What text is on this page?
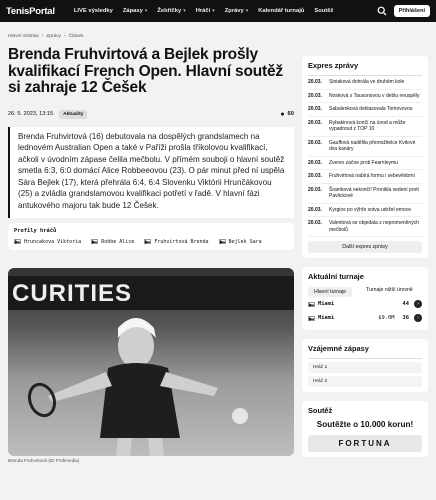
TenisPortal	LIVE výsledky Zápasy ▾ Žebříčky ▾ Hráči ▾ Zprávy ▾ Kalendář turnajů Soutěž	Přihlášení
Hlavní stránka › Zprávy › Článek
Brenda Fruhvirtová a Bejlek prošly kvalifikací French Open. Hlavní soutěž si zahraje 12 Češek
26. 5. 2023, 13:15	Aktuality	● 60

Brenda Fruhvirtová (16) debutovala na dospělých grandslamech na lednovém Australian Open a také v Paříži prošla tříkolovou kvalifikací, ačkoli v úvodním zápase čelila mečbolu. V přímém souboji o hlavní soutěž smetla 6:3, 6:0 domácí Alice Robbeeovou (23). O pár minut před ní uspěla Sára Bejlek (17), která přehrála 6:4, 6:4 Slovenku Viktórii Hrunčákovou (25) a zvládla grandslamovou kvalifikaci potřetí v řadě. V hlavní fázi antukového majoru tak bude 12 Češek.

Profily hráčů
Hruncakova Viktoria	Robbe Alice	Fruhvirtová Brenda	Bejlek Sara
CURITIES
Brenda Fruhvirtová (ID Profimedia)
Expres zprávy
20.03.	Siniaková dohrála ve druhém kole
20.03.	Nosková s Tausonovou v deblu neuspěly
20.03.	Sabalenková deklasovala Tomovovou
20.03.	Rybakinová končí na úvod a může vypadnout z TOP 10
20.03.	Gauffová nadělila přemožitelce Kvitové dva kanáry
20.03.	Zverev začne proti Fearnleymu
20.03.	Fruhvirtová nabírá formu i sebevědomí
20.03.	Šramková nekončí! Pronikla vedení proti Pavlickové
20.03.	Kyrgios po výhře sotva udržel emoce
20.03.	Valentová se objedala z nepromeněných mečbolů
Další expres zprávy
Aktuální turnaje
Hlavní turnaje	Turnaje nižší úrovně
Miami	44	›
Miami	$9.0M 36	›
Vzájemné zápasy
Hráč 1
Hráč 2
Soutěž
Soutěžte o 10.000 korun!
FORTUNA
